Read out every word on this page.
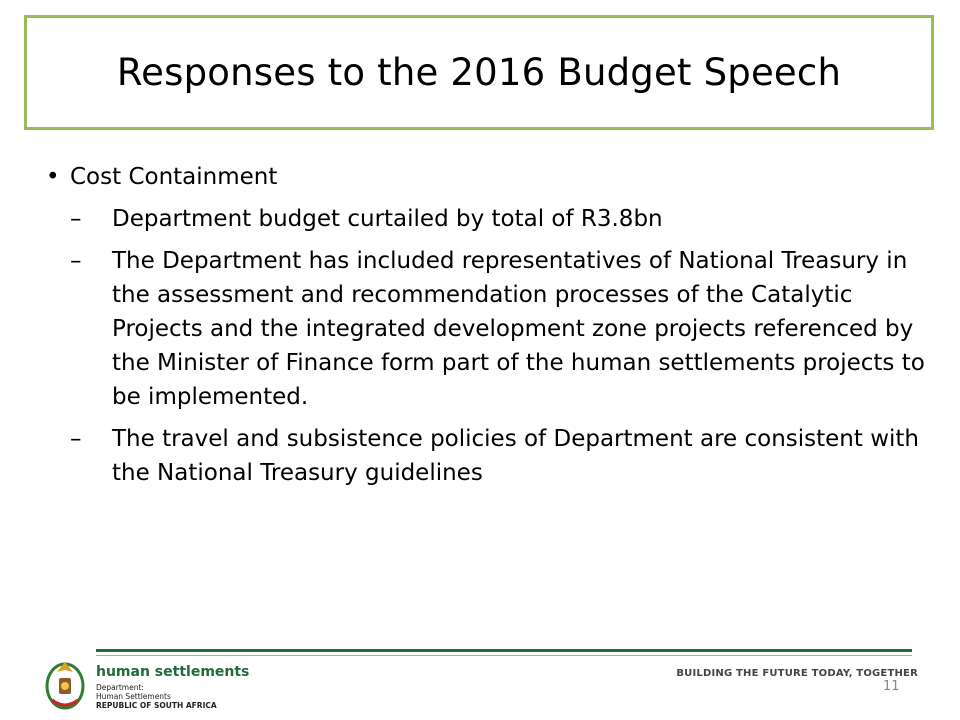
Responses to the 2016 Budget Speech
• Cost Containment
– Department budget curtailed by total of R3.8bn
– The Department has included representatives of National Treasury in the assessment and recommendation processes of the Catalytic Projects and the integrated development zone projects referenced by the Minister of Finance form part of the human settlements projects to be implemented.
– The travel and subsistence policies of Department are consistent with the National Treasury guidelines
human settlements
Department:
Human Settlements
REPUBLIC OF SOUTH AFRICA
BUILDING THE FUTURE TODAY, TOGETHER
11
